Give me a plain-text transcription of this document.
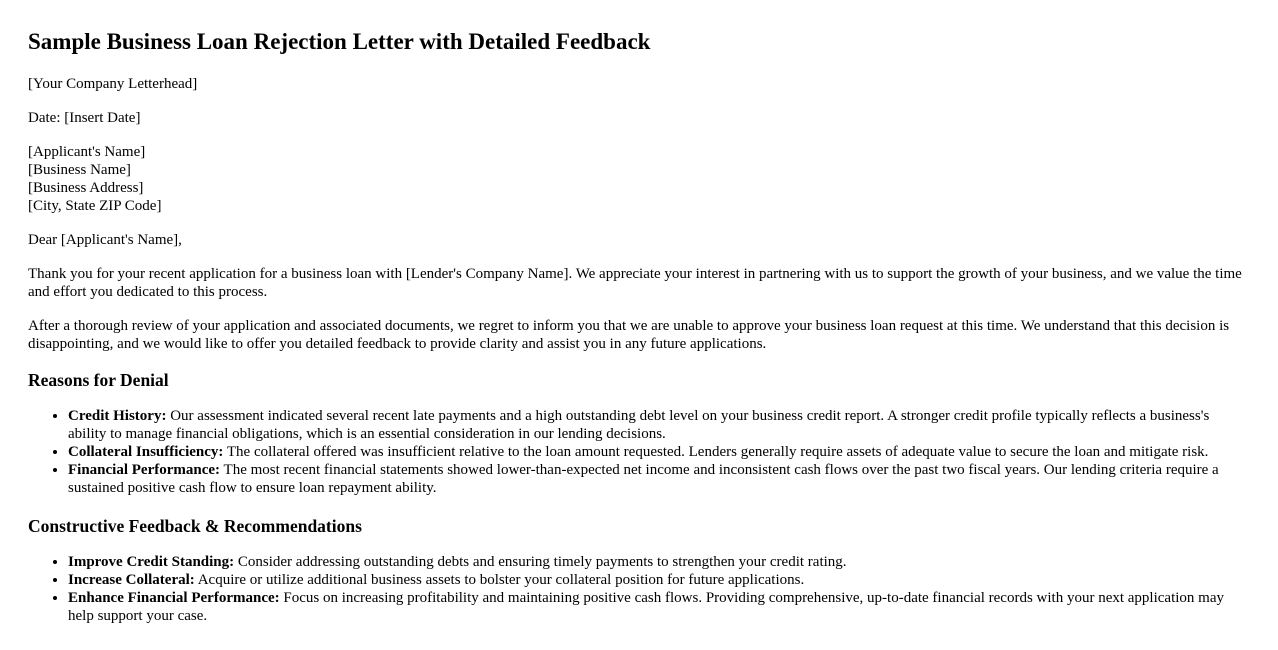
Sample Business Loan Rejection Letter with Detailed Feedback

[Your Company Letterhead]

Date: [Insert Date]

[Applicant's Name]

[Business Name]

[Business Address]

[City, State ZIP Code]

Dear [Applicant's Name],

Thank you for your recent application for a business loan with [Lender's Company Name]. We appreciate your interest in partnering with us to support the growth of your business, and we value the time and effort you dedicated to this process.

After a thorough review of your application and associated documents, we regret to inform you that we are unable to approve your business loan request at this time. We understand that this decision is disappointing, and we would like to offer you detailed feedback to provide clarity and assist you in any future applications.

Reasons for Denial
• Credit History: Our assessment indicated several recent late payments and a high outstanding debt level on your business credit report. A stronger credit profile typically reflects a business's ability to manage financial obligations, which is an essential consideration in our lending decisions.
• Collateral Insufficiency: The collateral offered was insufficient relative to the loan amount requested. Lenders generally require assets of adequate value to secure the loan and mitigate risk.
• Financial Performance: The most recent financial statements showed lower-than-expected net income and inconsistent cash flows over the past two fiscal years. Our lending criteria require a sustained positive cash flow to ensure loan repayment ability.
Constructive Feedback & Recommendations
• Improve Credit Standing: Consider addressing outstanding debts and ensuring timely payments to strengthen your credit rating.
• Increase Collateral: Acquire or utilize additional business assets to bolster your collateral position for future applications.
• Enhance Financial Performance: Focus on increasing profitability and maintaining positive cash flows. Providing comprehensive, up-to-date financial records with your next application may help support your case.
